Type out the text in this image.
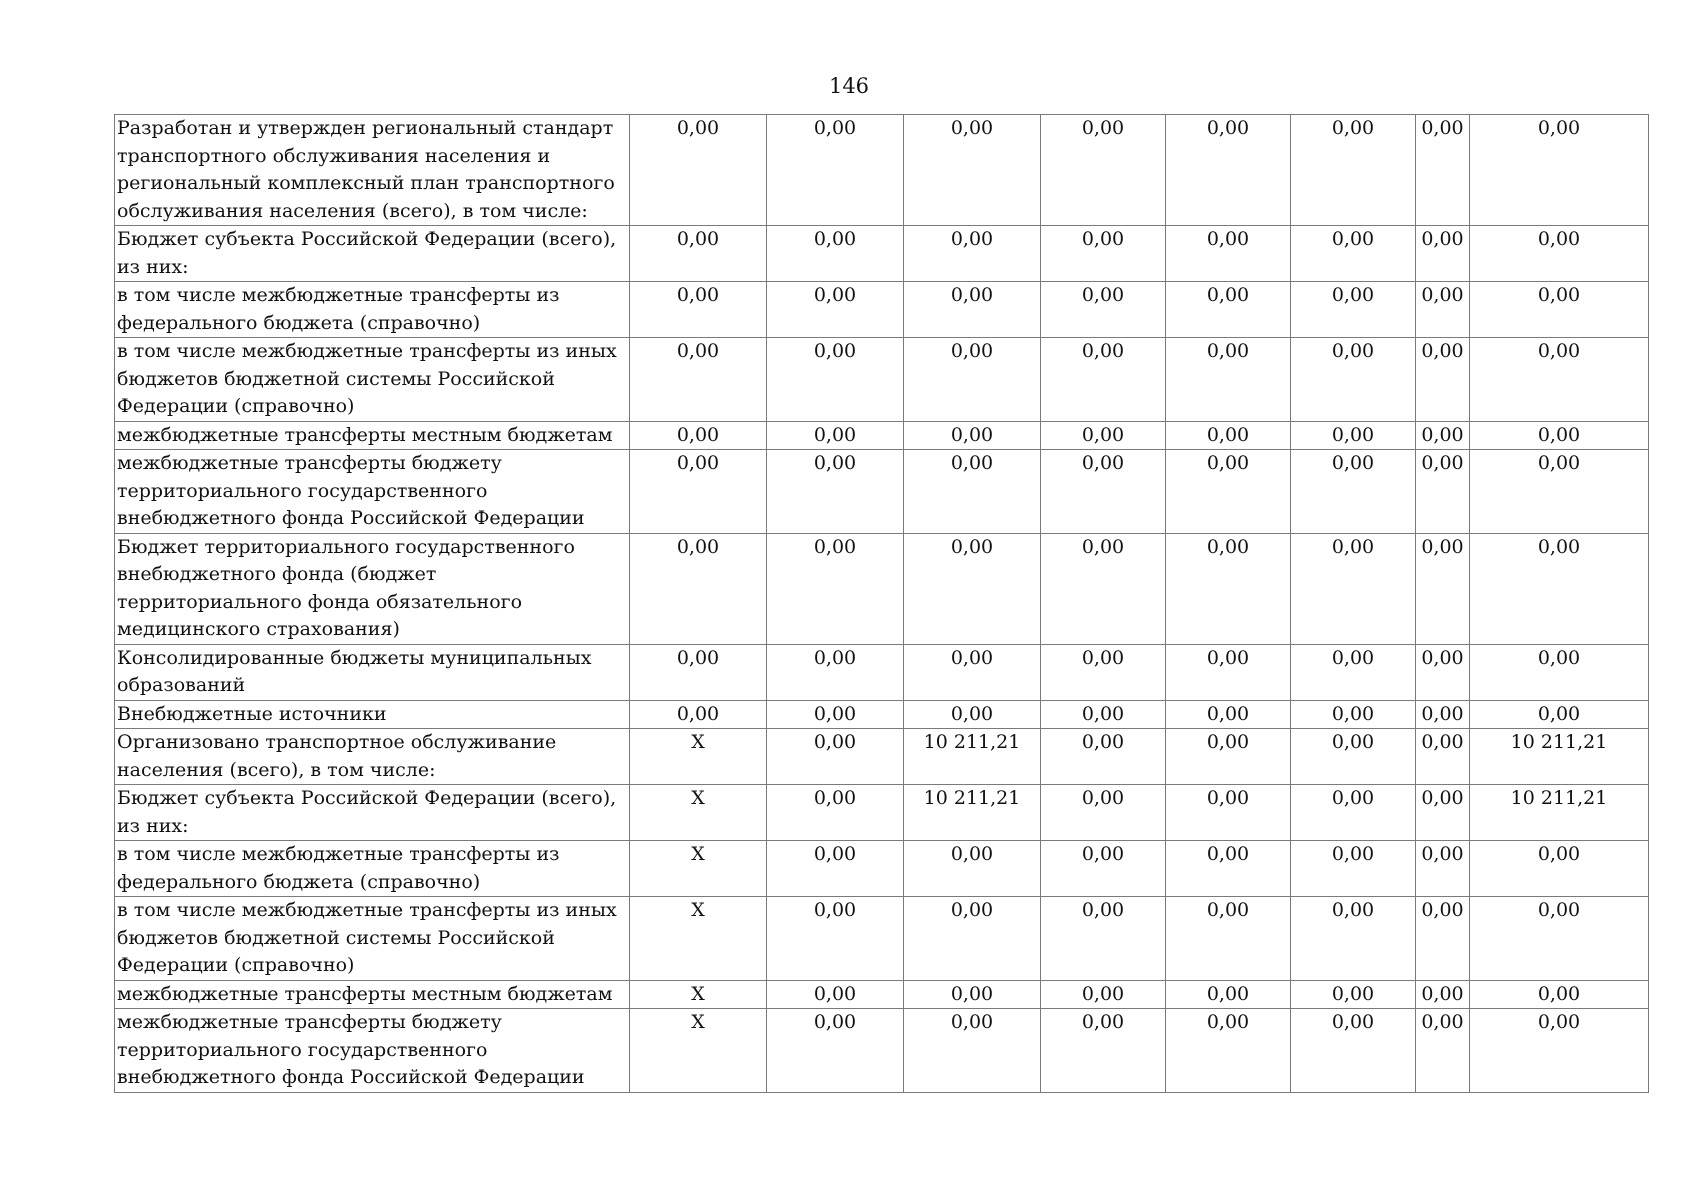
146
Разработан и утвержден региональный стандарт транспортного обслуживания населения и региональный комплексный план транспортного обслуживания населения (всего), в том числе:	0,00	0,00	0,00	0,00	0,00	0,00	0,00	0,00
Бюджет субъекта Российской Федерации (всего), из них:	0,00	0,00	0,00	0,00	0,00	0,00	0,00	0,00
в том числе межбюджетные трансферты из федерального бюджета (справочно)	0,00	0,00	0,00	0,00	0,00	0,00	0,00	0,00
в том числе межбюджетные трансферты из иных бюджетов бюджетной системы Российской Федерации (справочно)	0,00	0,00	0,00	0,00	0,00	0,00	0,00	0,00
межбюджетные трансферты местным бюджетам	0,00	0,00	0,00	0,00	0,00	0,00	0,00	0,00
межбюджетные трансферты бюджету территориального государственного внебюджетного фонда Российской Федерации	0,00	0,00	0,00	0,00	0,00	0,00	0,00	0,00
Бюджет территориального государственного внебюджетного фонда (бюджет территориального фонда обязательного медицинского страхования)	0,00	0,00	0,00	0,00	0,00	0,00	0,00	0,00
Консолидированные бюджеты муниципальных образований	0,00	0,00	0,00	0,00	0,00	0,00	0,00	0,00
Внебюджетные источники	0,00	0,00	0,00	0,00	0,00	0,00	0,00	0,00
Организовано транспортное обслуживание населения (всего), в том числе:	X	0,00	10 211,21	0,00	0,00	0,00	0,00	10 211,21
Бюджет субъекта Российской Федерации (всего), из них:	X	0,00	10 211,21	0,00	0,00	0,00	0,00	10 211,21
в том числе межбюджетные трансферты из федерального бюджета (справочно)	X	0,00	0,00	0,00	0,00	0,00	0,00	0,00
в том числе межбюджетные трансферты из иных бюджетов бюджетной системы Российской Федерации (справочно)	X	0,00	0,00	0,00	0,00	0,00	0,00	0,00
межбюджетные трансферты местным бюджетам	X	0,00	0,00	0,00	0,00	0,00	0,00	0,00
межбюджетные трансферты бюджету территориального государственного внебюджетного фонда Российской Федерации	X	0,00	0,00	0,00	0,00	0,00	0,00	0,00
